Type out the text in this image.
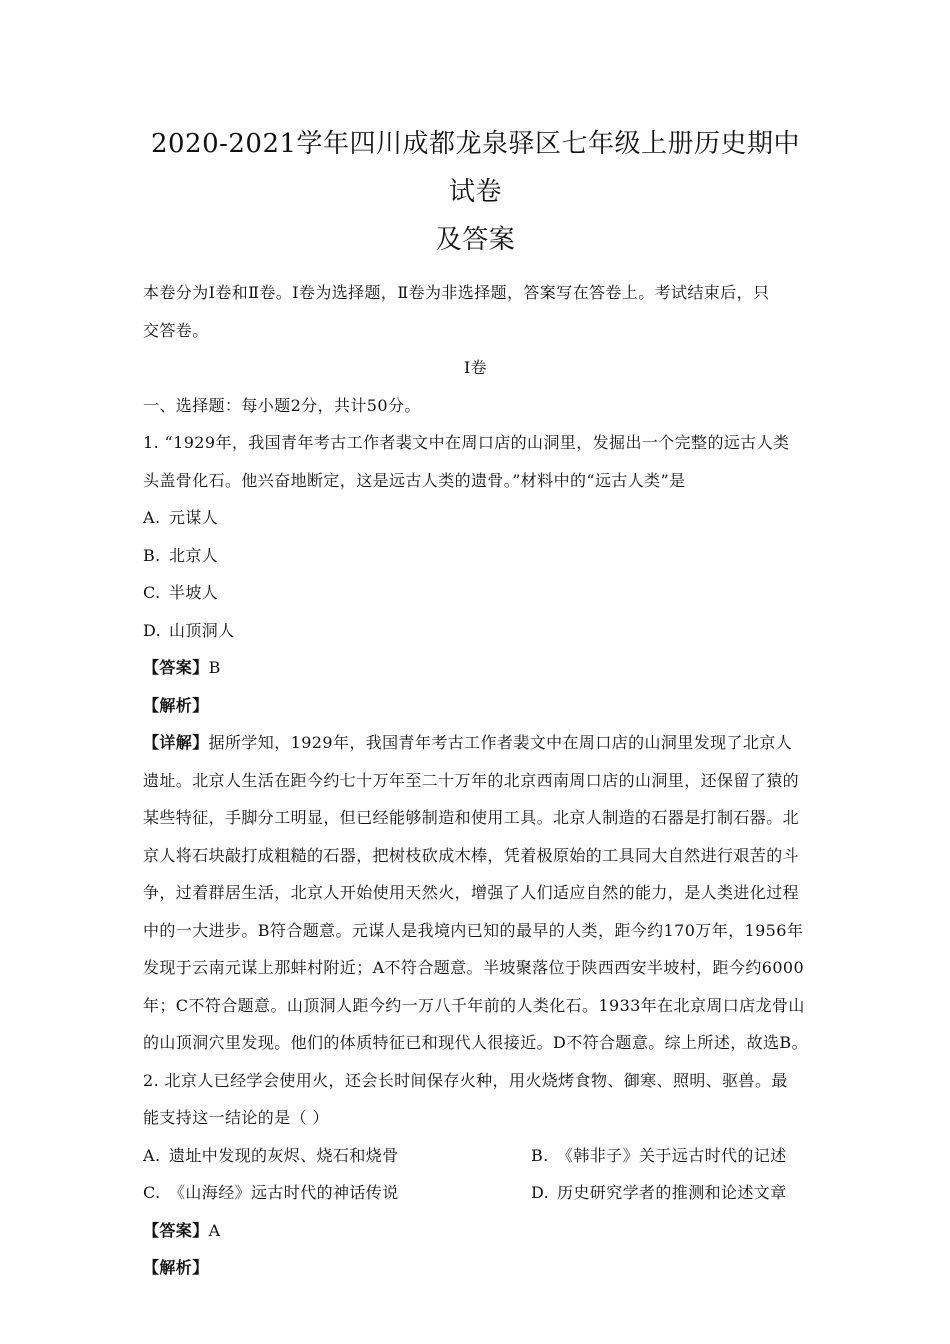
2020-2021学年四川成都龙泉驿区七年级上册历史期中试卷
及答案

本卷分为Ⅰ卷和Ⅱ卷。Ⅰ卷为选择题，Ⅱ卷为非选择题，答案写在答卷上。考试结束后，只

交答卷。

Ⅰ卷

一、选择题：每小题2分，共计50分。

1. “1929年，我国青年考古工作者裴文中在周口店的山洞里，发掘出一个完整的远古人类

头盖骨化石。他兴奋地断定，这是远古人类的遗骨。”材料中的“远古人类”是

A. 元谋人

B. 北京人

C. 半坡人

D. 山顶洞人

【答案】B

【解析】

【详解】据所学知，1929年，我国青年考古工作者裴文中在周口店的山洞里发现了北京人

遗址。北京人生活在距今约七十万年至二十万年的北京西南周口店的山洞里，还保留了猿的

某些特征，手脚分工明显，但已经能够制造和使用工具。北京人制造的石器是打制石器。北

京人将石块敲打成粗糙的石器，把树枝砍成木棒，凭着极原始的工具同大自然进行艰苦的斗

争，过着群居生活，北京人开始使用天然火，增强了人们适应自然的能力，是人类进化过程

中的一大进步。B符合题意。元谋人是我境内已知的最早的人类，距今约170万年，1956年

发现于云南元谋上那蚌村附近；A不符合题意。半坡聚落位于陕西西安半坡村，距今约6000

年；C不符合题意。山顶洞人距今约一万八千年前的人类化石。1933年在北京周口店龙骨山

的山顶洞穴里发现。他们的体质特征已和现代人很接近。D不符合题意。综上所述，故选B。

2. 北京人已经学会使用火，还会长时间保存火种，用火烧烤食物、御寒、照明、驱兽。最

能支持这一结论的是（ ）

A. 遗址中发现的灰烬、烧石和烧骨	B. 《韩非子》关于远古时代的记述
C. 《山海经》远古时代的神话传说	D. 历史研究学者的推测和论述文章

【答案】A

【解析】
